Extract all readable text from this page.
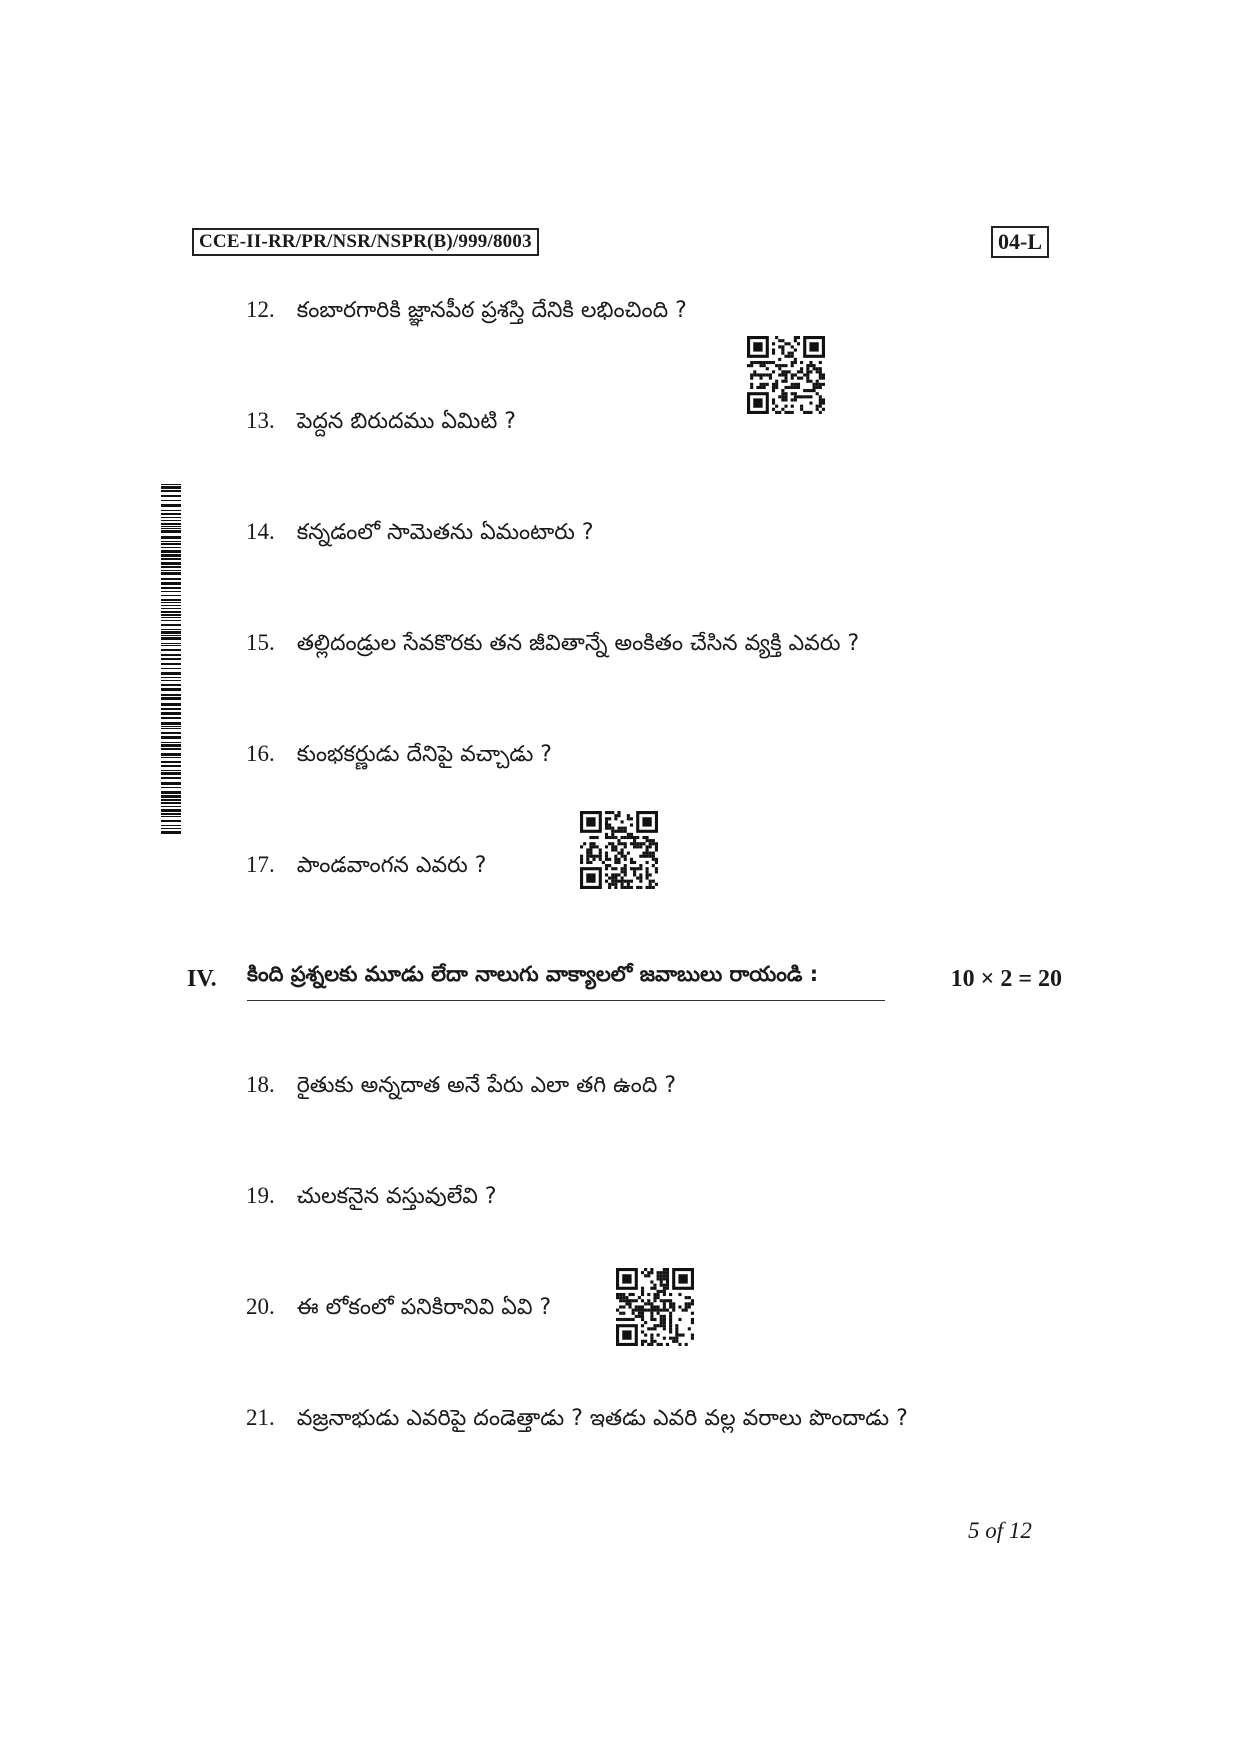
CCE-II-RR/PR/NSR/NSPR(B)/999/8003	04-L
12. కంబారగారికి జ్ఞానపీఠ ప్రశస్తి దేనికి లభించింది ?
13. పెద్దన బిరుదము ఏమిటి ?
14. కన్నడంలో సామెతను ఏమంటారు ?
15. తల్లిదండ్రుల సేవకొరకు తన జీవితాన్నే అంకితం చేసిన వ్యక్తి ఎవరు ?
16. కుంభకర్ణుడు దేనిపై వచ్చాడు ?
17. పాండవాంగన ఎవరు ?
IV. కింది ప్రశ్నలకు మూడు లేదా నాలుగు వాక్యాలలో జవాబులు రాయండి :	10 × 2 = 20
18. రైతుకు అన్నదాత అనే పేరు ఎలా తగి ఉంది ?
19. చులకనైన వస్తువులేవి ?
20. ఈ లోకంలో పనికిరానివి ఏవి ?
21. వజ్రనాభుడు ఎవరిపై దండెత్తాడు ? ఇతడు ఎవరి వల్ల వరాలు పొందాడు ?
5 of 12
